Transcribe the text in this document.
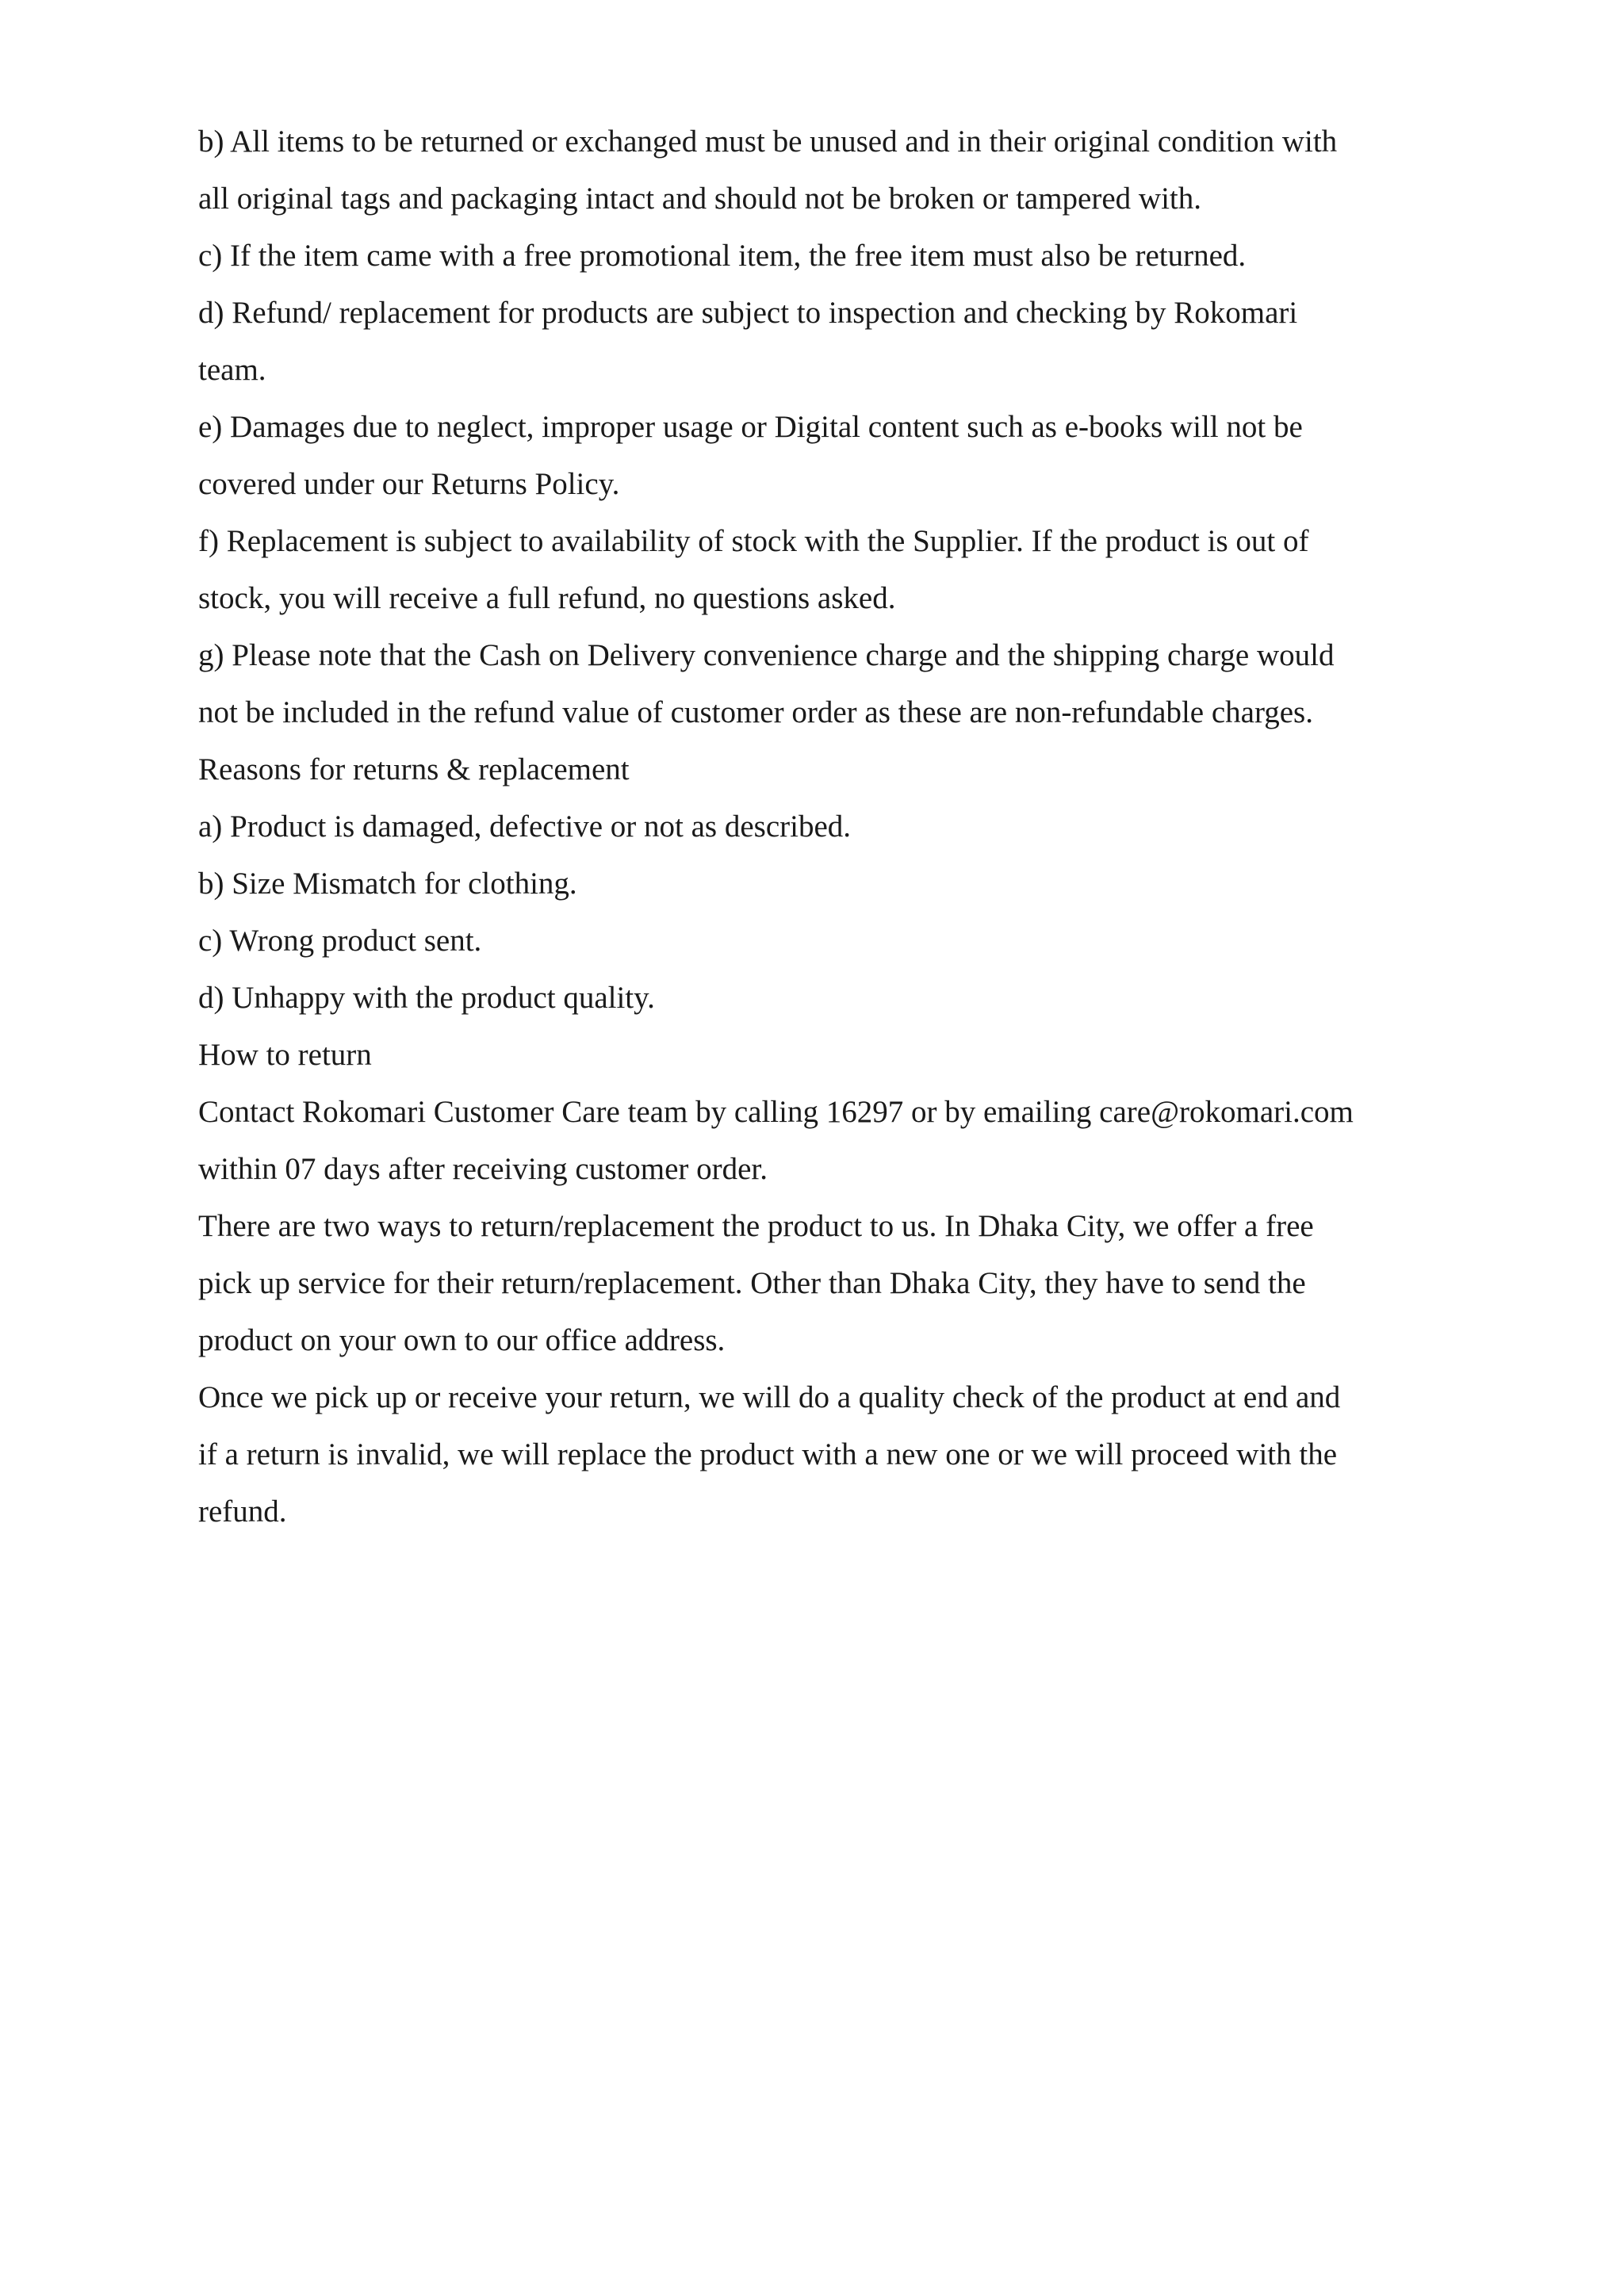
b) All items to be returned or exchanged must be unused and in their original condition with
all original tags and packaging intact and should not be broken or tampered with.
c) If the item came with a free promotional item, the free item must also be returned.
d) Refund/ replacement for products are subject to inspection and checking by Rokomari
team.
e) Damages due to neglect, improper usage or Digital content such as e-books will not be
covered under our Returns Policy.
f) Replacement is subject to availability of stock with the Supplier. If the product is out of
stock, you will receive a full refund, no questions asked.
g) Please note that the Cash on Delivery convenience charge and the shipping charge would
not be included in the refund value of customer order as these are non-refundable charges.
Reasons for returns & replacement
a) Product is damaged, defective or not as described.
b) Size Mismatch for clothing.
c) Wrong product sent.
d) Unhappy with the product quality.
How to return
Contact Rokomari Customer Care team by calling 16297 or by emailing care@rokomari.com
within 07 days after receiving customer order.
There are two ways to return/replacement the product to us. In Dhaka City, we offer a free
pick up service for their return/replacement. Other than Dhaka City, they have to send the
product on your own to our office address.
Once we pick up or receive your return, we will do a quality check of the product at end and
if a return is invalid, we will replace the product with a new one or we will proceed with the
refund.
